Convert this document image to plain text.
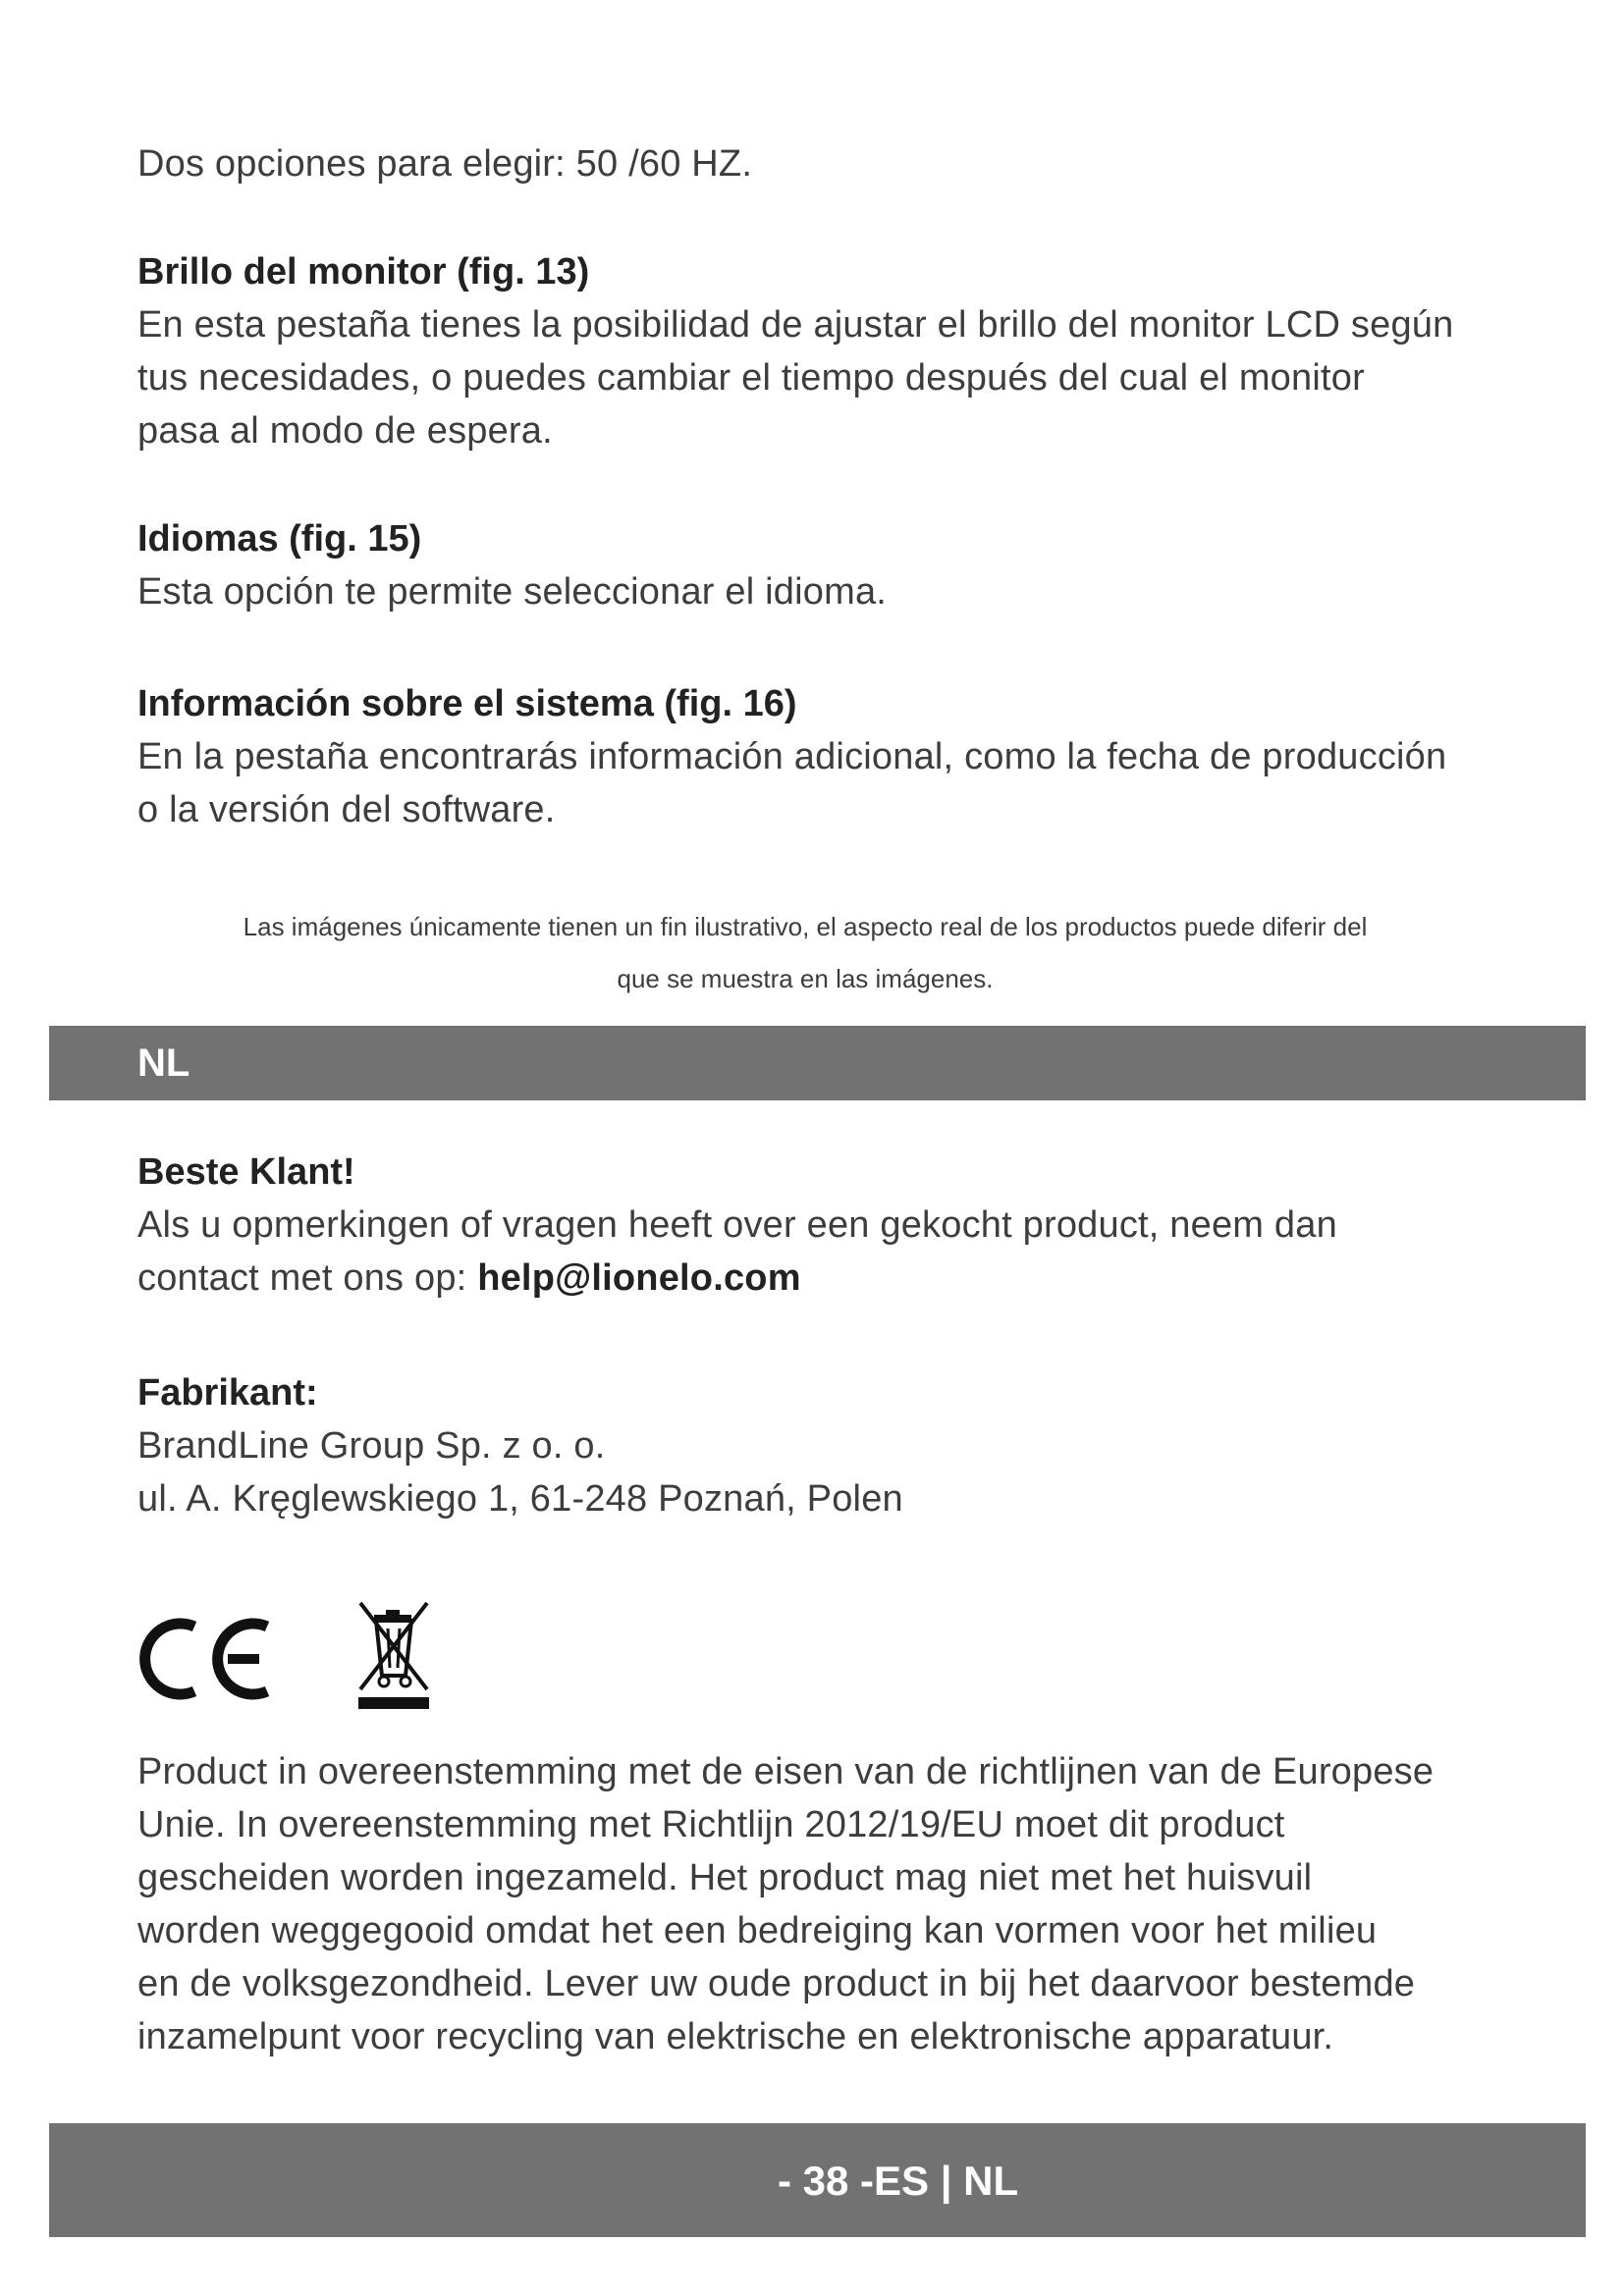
Dos opciones para elegir: 50 /60 HZ.

Brillo del monitor (fig. 13)

En esta pestaña tienes la posibilidad de ajustar el brillo del monitor LCD según

tus necesidades, o puedes cambiar el tiempo después del cual el monitor

pasa al modo de espera.

Idiomas (fig. 15)

Esta opción te permite seleccionar el idioma.

Información sobre el sistema (fig. 16)

En la pestaña encontrarás información adicional, como la fecha de producción

o la versión del software.

Las imágenes únicamente tienen un fin ilustrativo, el aspecto real de los productos puede diferir del
que se muestra en las imágenes.
NL

Beste Klant!

Als u opmerkingen of vragen heeft over een gekocht product, neem dan

contact met ons op: help@lionelo.com

Fabrikant:

BrandLine Group Sp. z o. o.

ul. A. Kręglewskiego 1, 61-248 Poznań, Polen

Product in overeenstemming met de eisen van de richtlijnen van de Europese

Unie. In overeenstemming met Richtlijn 2012/19/EU moet dit product

gescheiden worden ingezameld. Het product mag niet met het huisvuil

worden weggegooid omdat het een bedreiging kan vormen voor het milieu

en de volksgezondheid. Lever uw oude product in bij het daarvoor bestemde

inzamelpunt voor recycling van elektrische en elektronische apparatuur.

- 38 -ES | NL
